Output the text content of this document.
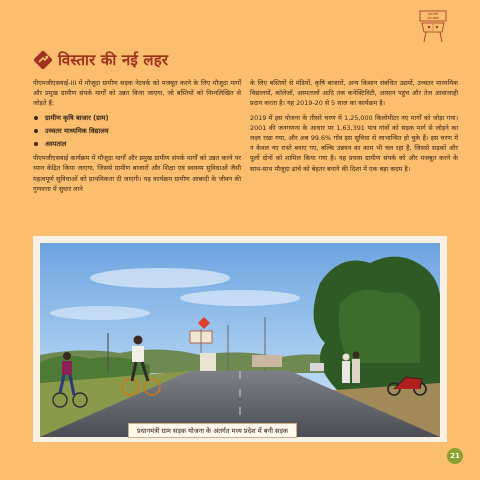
प्रधानमंत्री
ग्राम सड़क
विस्तार की नई लहर

पीएमजीएसवाई-III में मौजूदा ग्रामीण सड़क नेटवर्क को मजबूत करने के लिए मौजूदा मार्गों और प्रमुख ग्रामीण संपर्क मार्गों को उन्नत किया जाएगा, जो बस्तियों को निम्नलिखित से जोड़ते हैं:

ग्रामीण कृषि बाजार (ग्राम)
उच्चतर माध्यमिक विद्यालय
अस्पताल

पीएमजीएसवाई कार्यक्रम में मौजूदा मार्गों और प्रमुख ग्रामीण संपर्क मार्गों को उन्नत करने पर ध्यान केंद्रित किया जाएगा, जिससे ग्रामीण बाजारों और शिक्षा एवं स्वास्थ्य सुविधाओं जैसी महत्वपूर्ण सुविधाओं को प्राथमिकता दी जाएगी। यह कार्यक्रम ग्रामीण आबादी के जीवन की गुणवत्ता में सुधार लाने

के लिए बस्तियों से मंडियों, कृषि बाजारों, अन्य किसान संबंधित उद्यमों, उच्चतर माध्यमिक विद्यालयों, कॉलेजों, अस्पतालों आदि तक कनेक्टिविटी, आसान पहुंच और तेज आवाजाही प्रदान करता है। यह 2019-20 से 5 साल का कार्यक्रम है।

2019 में इस योजना के तीसरे चरण में 1,25,000 किलोमीटर नए मार्गों को जोड़ा गया। 2001 की जनगणना के आधार पर 1,63,391 पात्र गांवों को सड़क मार्ग से जोड़ने का लक्ष्य रखा गया, और अब 99.6% गाँव इस सुविधा से लाभान्वित हो चुके हैं। इस चरण में न केवल नए रास्ते बनाए गए, बल्कि उन्नयन का काम भी चल रहा है, जिससे सड़कों और पुलों दोनों को शामिल किया गया है। यह प्रयास ग्रामीण संपर्क को और मजबूत करने के साथ-साथ मौजूदा ढांचे को बेहतर बनाने की दिशा में एक बड़ा कदम है।

प्रधानमंत्री ग्राम सड़क योजना के अंतर्गत मध्य प्रदेश में बनी सड़क
21
